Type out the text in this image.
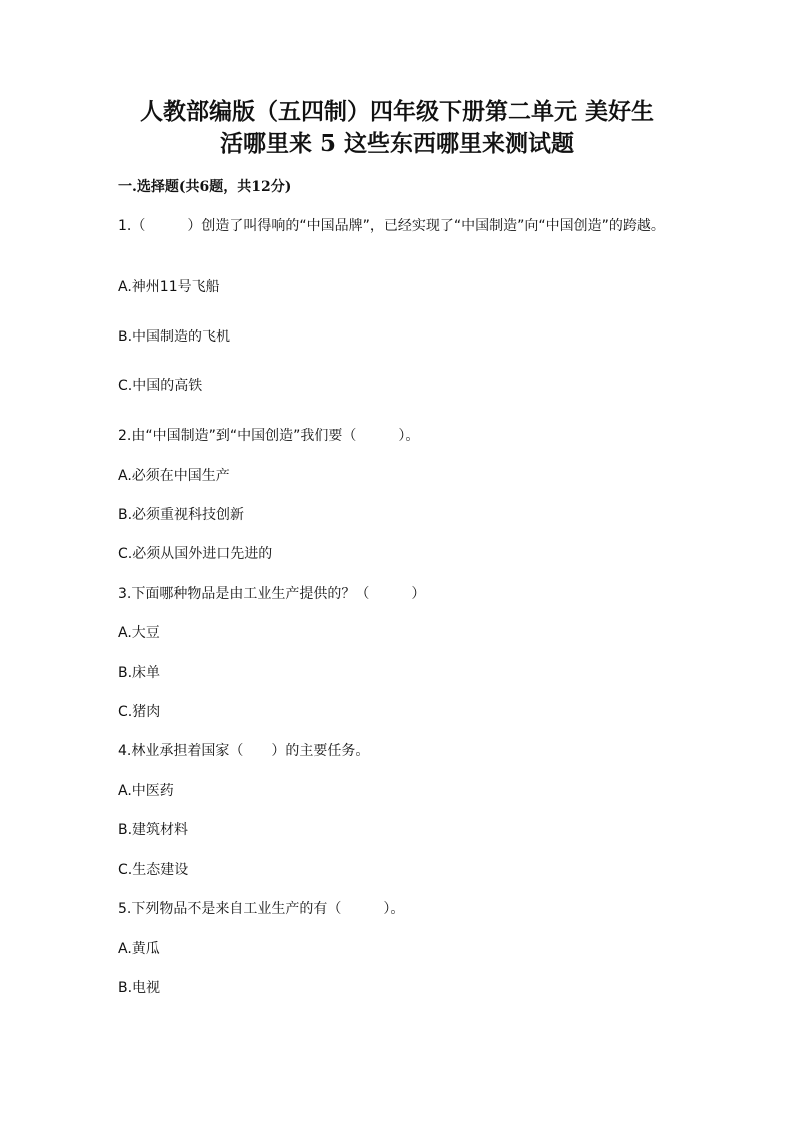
人教部编版（五四制）四年级下册第二单元 美好生
活哪里来 5 这些东西哪里来测试题
一.选择题(共6题，共12分)
1.（　　　）创造了叫得响的“中国品牌”，已经实现了“中国制造”向“中国创造”的跨越。
A.神州11号飞船
B.中国制造的飞机
C.中国的高铁
2.由“中国制造”到“中国创造”我们要（　　　）。
A.必须在中国生产
B.必须重视科技创新
C.必须从国外进口先进的
3.下面哪种物品是由工业生产提供的？（　　　）
A.大豆
B.床单
C.猪肉
4.林业承担着国家（　　）的主要任务。
A.中医药
B.建筑材料
C.生态建设
5.下列物品不是来自工业生产的有（　　　）。
A.黄瓜
B.电视
